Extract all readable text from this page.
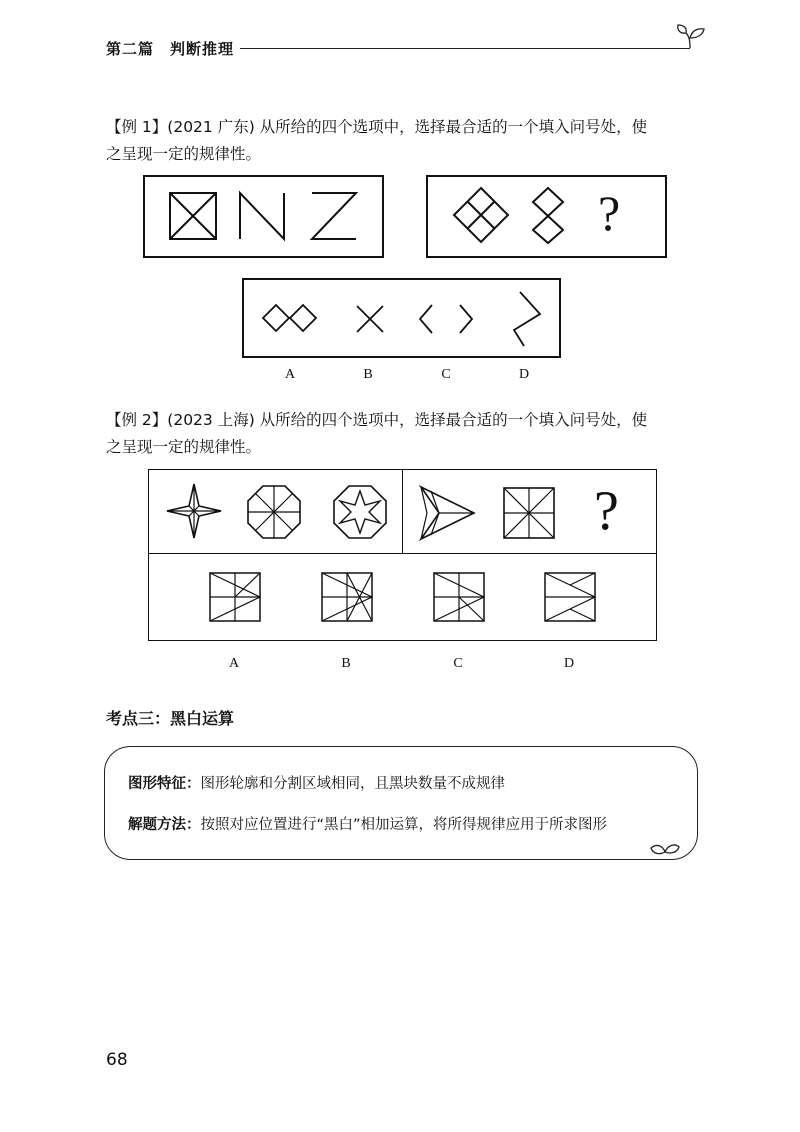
第二篇　判断推理
【例 1】(2021 广东) 从所给的四个选项中，选择最合适的一个填入问号处，使
之呈现一定的规律性。
?
A	B	C	D
【例 2】(2023 上海) 从所给的四个选项中，选择最合适的一个填入问号处，使
之呈现一定的规律性。
?
A	B	C	D
考点三：黑白运算
图形特征：图形轮廓和分割区域相同，且黑块数量不成规律
解题方法：按照对应位置进行“黑白”相加运算，将所得规律应用于所求图形
68
